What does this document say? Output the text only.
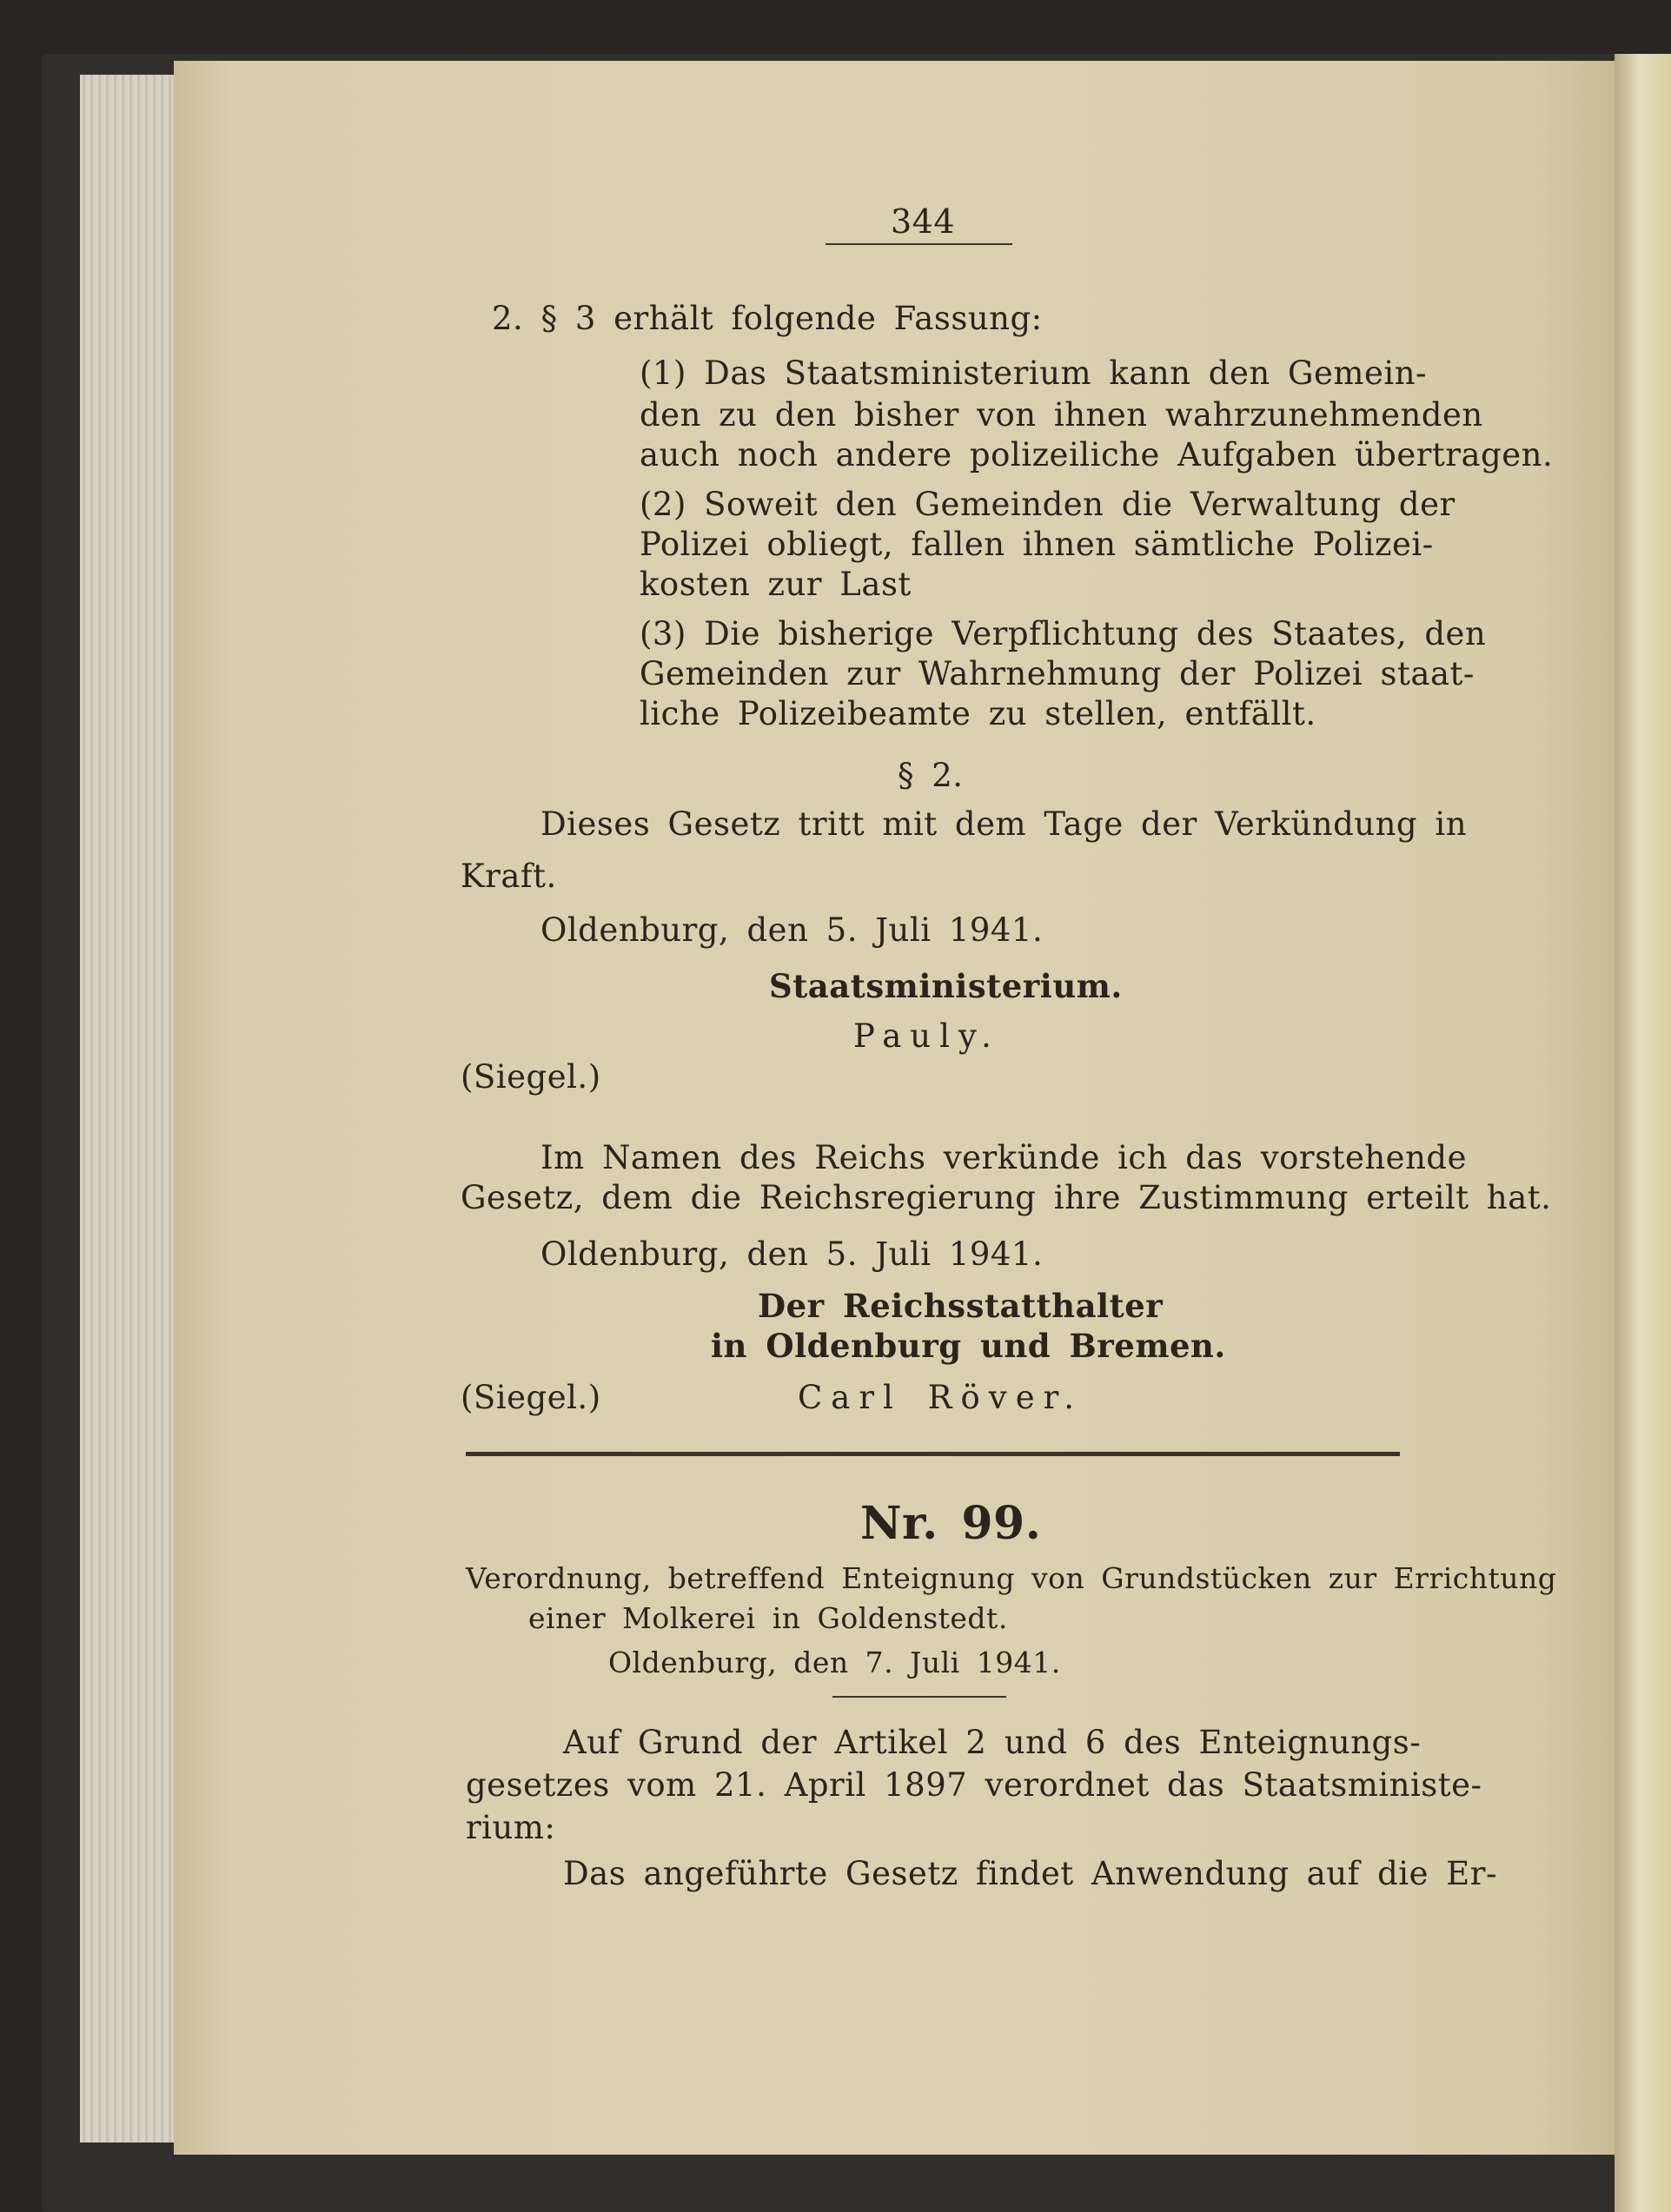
344
2. § 3 erhält folgende Fassung:
(1) Das Staatsministerium kann den Gemein-
den zu den bisher von ihnen wahrzunehmenden
auch noch andere polizeiliche Aufgaben übertragen.
(2) Soweit den Gemeinden die Verwaltung der
Polizei obliegt, fallen ihnen sämtliche Polizei-
kosten zur Last
(3) Die bisherige Verpflichtung des Staates, den
Gemeinden zur Wahrnehmung der Polizei staat-
liche Polizeibeamte zu stellen, entfällt.
§ 2.
Dieses Gesetz tritt mit dem Tage der Verkündung in
Kraft.
Oldenburg, den 5. Juli 1941.
Staatsministerium.
Pauly.
(Siegel.)
Im Namen des Reichs verkünde ich das vorstehende
Gesetz, dem die Reichsregierung ihre Zustimmung erteilt hat.
Oldenburg, den 5. Juli 1941.
Der Reichsstatthalter
in Oldenburg und Bremen.
(Siegel.)	Carl Röver.
Nr. 99.
Verordnung, betreffend Enteignung von Grundstücken zur Errichtung
einer Molkerei in Goldenstedt.
Oldenburg, den 7. Juli 1941.
Auf Grund der Artikel 2 und 6 des Enteignungs-
gesetzes vom 21. April 1897 verordnet das Staatsministe-
rium:
Das angeführte Gesetz findet Anwendung auf die Er-
